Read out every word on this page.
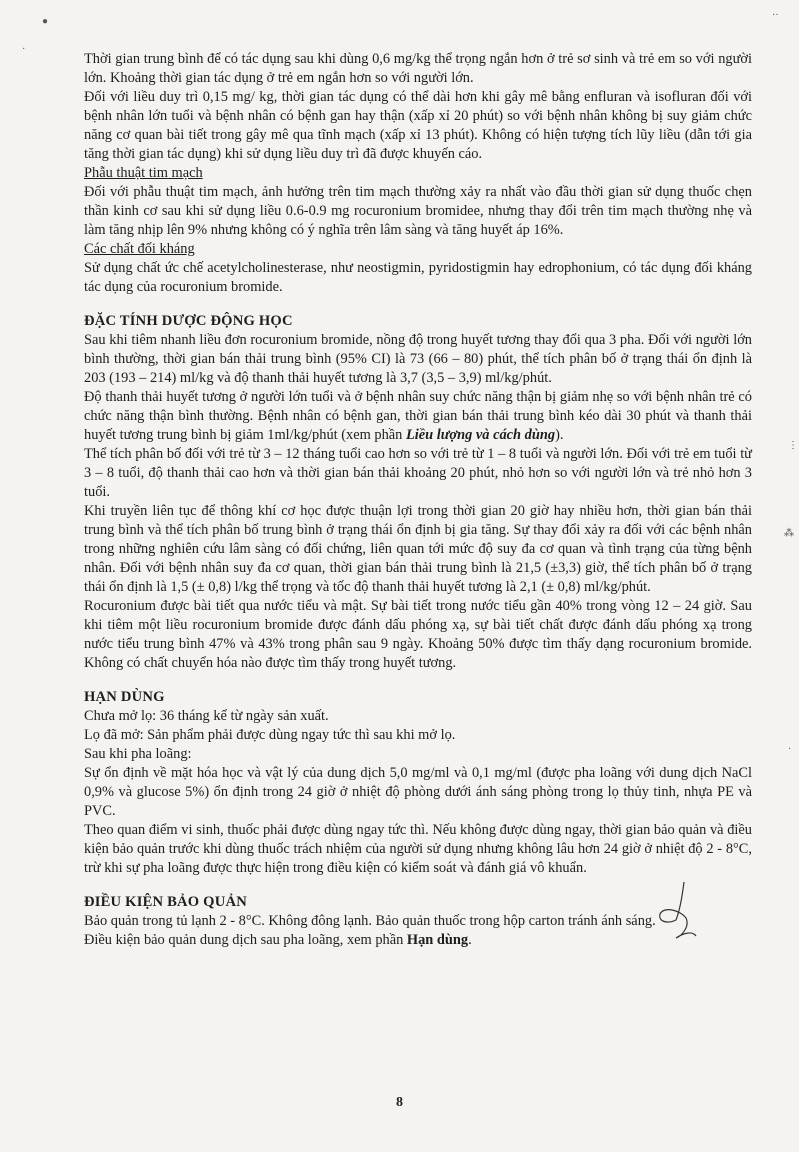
Thời gian trung bình để có tác dụng sau khi dùng 0,6 mg/kg thể trọng ngắn hơn ở trẻ sơ sinh và trẻ em so với người lớn. Khoảng thời gian tác dụng ở trẻ em ngắn hơn so với người lớn.

Đối với liều duy trì 0,15 mg/ kg, thời gian tác dụng có thể dài hơn khi gây mê bằng enfluran và isofluran đối với bệnh nhân lớn tuổi và bệnh nhân có bệnh gan hay thận (xấp xỉ 20 phút) so với bệnh nhân không bị suy giảm chức năng cơ quan bài tiết trong gây mê qua tĩnh mạch (xấp xỉ 13 phút). Không có hiện tượng tích lũy liều (dẫn tới gia tăng thời gian tác dụng) khi sử dụng liều duy trì đã được khuyến cáo.

Phẫu thuật tim mạch

Đối với phẫu thuật tim mạch, ảnh hưởng trên tim mạch thường xảy ra nhất vào đầu thời gian sử dụng thuốc chẹn thần kinh cơ sau khi sử dụng liều 0.6-0.9 mg rocuronium bromidee, nhưng thay đổi trên tim mạch thường nhẹ và làm tăng nhịp lên 9% nhưng không có ý nghĩa trên lâm sàng và tăng huyết áp 16%.

Các chất đối kháng

Sử dụng chất ức chế acetylcholinesterase, như neostigmin, pyridostigmin hay edrophonium, có tác dụng đối kháng tác dụng của rocuronium bromide.

ĐẶC TÍNH DƯỢC ĐỘNG HỌC

Sau khi tiêm nhanh liều đơn rocuronium bromide, nồng độ trong huyết tương thay đổi qua 3 pha. Đối với người lớn bình thường, thời gian bán thải trung bình (95% CI) là 73 (66 – 80) phút, thể tích phân bố ở trạng thái ổn định là 203 (193 – 214) ml/kg và độ thanh thải huyết tương là 3,7 (3,5 – 3,9) ml/kg/phút.

Độ thanh thải huyết tương ở người lớn tuổi và ở bệnh nhân suy chức năng thận bị giảm nhẹ so với bệnh nhân trẻ có chức năng thận bình thường. Bệnh nhân có bệnh gan, thời gian bán thải trung bình kéo dài 30 phút và thanh thải huyết tương trung bình bị giảm 1ml/kg/phút (xem phần Liều lượng và cách dùng).

Thể tích phân bố đối với trẻ từ 3 – 12 tháng tuổi cao hơn so với trẻ từ 1 – 8 tuổi và người lớn. Đối với trẻ em tuổi từ 3 – 8 tuổi, độ thanh thải cao hơn và thời gian bán thải khoảng 20 phút, nhỏ hơn so với người lớn và trẻ nhỏ hơn 3 tuổi.

Khi truyền liên tục để thông khí cơ học được thuận lợi trong thời gian 20 giờ hay nhiều hơn, thời gian bán thải trung bình và thể tích phân bố trung bình ở trạng thái ổn định bị gia tăng. Sự thay đổi xảy ra đối với các bệnh nhân trong những nghiên cứu lâm sàng có đối chứng, liên quan tới mức độ suy đa cơ quan và tình trạng của từng bệnh nhân. Đối với bệnh nhân suy đa cơ quan, thời gian bán thải trung bình là 21,5 (±3,3) giờ, thể tích phân bố ở trạng thái ổn định là 1,5 (± 0,8) l/kg thể trọng và tốc độ thanh thải huyết tương là 2,1 (± 0,8) ml/kg/phút.

Rocuronium được bài tiết qua nước tiểu và mật. Sự bài tiết trong nước tiểu gần 40% trong vòng 12 – 24 giờ. Sau khi tiêm một liều rocuronium bromide được đánh dấu phóng xạ, sự bài tiết chất được đánh dấu phóng xạ trong nước tiểu trung bình 47% và 43% trong phân sau 9 ngày. Khoảng 50% được tìm thấy dạng rocuronium bromide. Không có chất chuyển hóa nào được tìm thấy trong huyết tương.

HẠN DÙNG

Chưa mở lọ: 36 tháng kể từ ngày sản xuất.

Lọ đã mở: Sản phẩm phải được dùng ngay tức thì sau khi mở lọ.

Sau khi pha loãng:

Sự ổn định về mặt hóa học và vật lý của dung dịch 5,0 mg/ml và 0,1 mg/ml (được pha loãng với dung dịch NaCl 0,9% và glucose 5%) ổn định trong 24 giờ ở nhiệt độ phòng dưới ánh sáng phòng trong lọ thủy tinh, nhựa PE và PVC.

Theo quan điểm vi sinh, thuốc phải được dùng ngay tức thì. Nếu không được dùng ngay, thời gian bảo quản và điều kiện bảo quản trước khi dùng thuốc trách nhiệm của người sử dụng nhưng không lâu hơn 24 giờ ở nhiệt độ 2 - 8°C, trừ khi sự pha loãng được thực hiện trong điều kiện có kiểm soát và đánh giá vô khuẩn.

ĐIỀU KIỆN BẢO QUẢN

Bảo quản trong tủ lạnh 2 - 8°C. Không đông lạnh. Bảo quản thuốc trong hộp carton tránh ánh sáng.

Điều kiện bảo quản dung dịch sau pha loãng, xem phần Hạn dùng.

8
●
·
··
⋮
⁂
·
